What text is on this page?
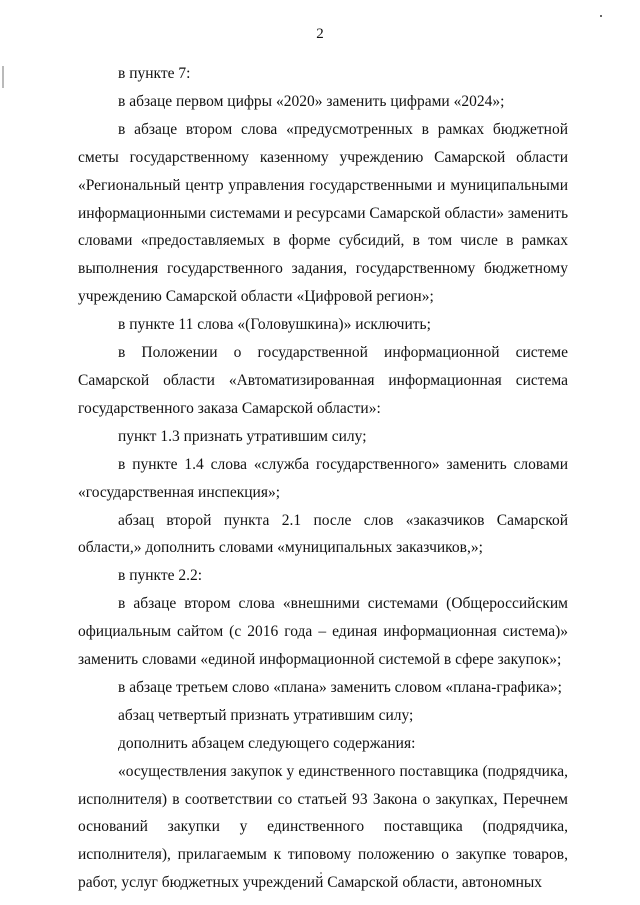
2

в пункте 7:

в абзаце первом цифры «2020» заменить цифрами «2024»;

в абзаце втором слова «предусмотренных в рамках бюджетной сметы государственному казенному учреждению Самарской области «Региональный центр управления государственными и муниципальными информационными системами и ресурсами Самарской области» заменить словами «предоставляемых в форме субсидий, в том числе в рамках выполнения государственного задания, государственному бюджетному учреждению Самарской области «Цифровой регион»;

в пункте 11 слова «(Головушкина)» исключить;

в Положении о государственной информационной системе Самарской области «Автоматизированная информационная система государственного заказа Самарской области»:

пункт 1.3 признать утратившим силу;

в пункте 1.4 слова «служба государственного» заменить словами «государственная инспекция»;

абзац второй пункта 2.1 после слов «заказчиков Самарской области,» дополнить словами «муниципальных заказчиков,»;

в пункте 2.2:

в абзаце втором слова «внешними системами (Общероссийским официальным сайтом (с 2016 года – единая информационная система)» заменить словами «единой информационной системой в сфере закупок»;

в абзаце третьем слово «плана» заменить словом «плана-графика»;

абзац четвертый признать утратившим силу;

дополнить абзацем следующего содержания:

«осуществления закупок у единственного поставщика (подрядчика, исполнителя) в соответствии со статьей 93 Закона о закупках, Перечнем оснований закупки у единственного поставщика (подрядчика, исполнителя), прилагаемым к типовому положению о закупке товаров, работ, услуг бюджетных учреждений Самарской области, автономных
